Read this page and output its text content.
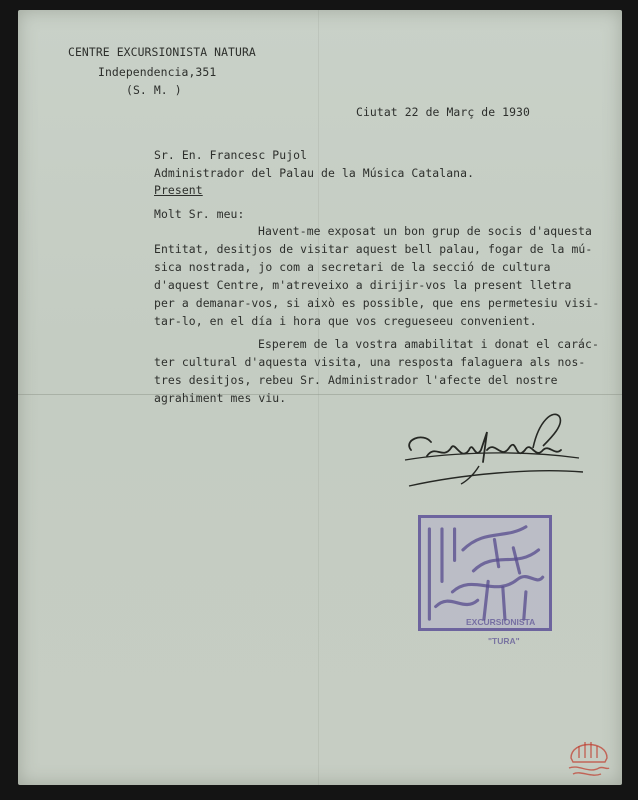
CENTRE EXCURSIONISTA NATURA
Independencia,351
(S. M. )
Ciutat 22 de Març de 1930
Sr. En. Francesc Pujol
Administrador del Palau de la Música Catalana.
Present
Molt Sr. meu:
Havent-me exposat un bon grup de socis d'aquesta
Entitat, desitjos de visitar aquest bell palau, fogar de la mú-
sica nostrada, jo com a secretari de la secció de cultura
d'aquest Centre, m'atreveixo a dirijir-vos la present lletra
per a demanar-vos, si això es possible, que ens permetesiu visi-
tar-lo, en el día i hora que vos cregueseeu convenient.
Esperem de la vostra amabilitat i donat el carác-
ter cultural d'aquesta visita, una resposta falaguera als nos-
tres desitjos, rebeu Sr. Administrador l'afecte del nostre
agrahiment mes viu.
EXCURSIONISTA
"TURA"
